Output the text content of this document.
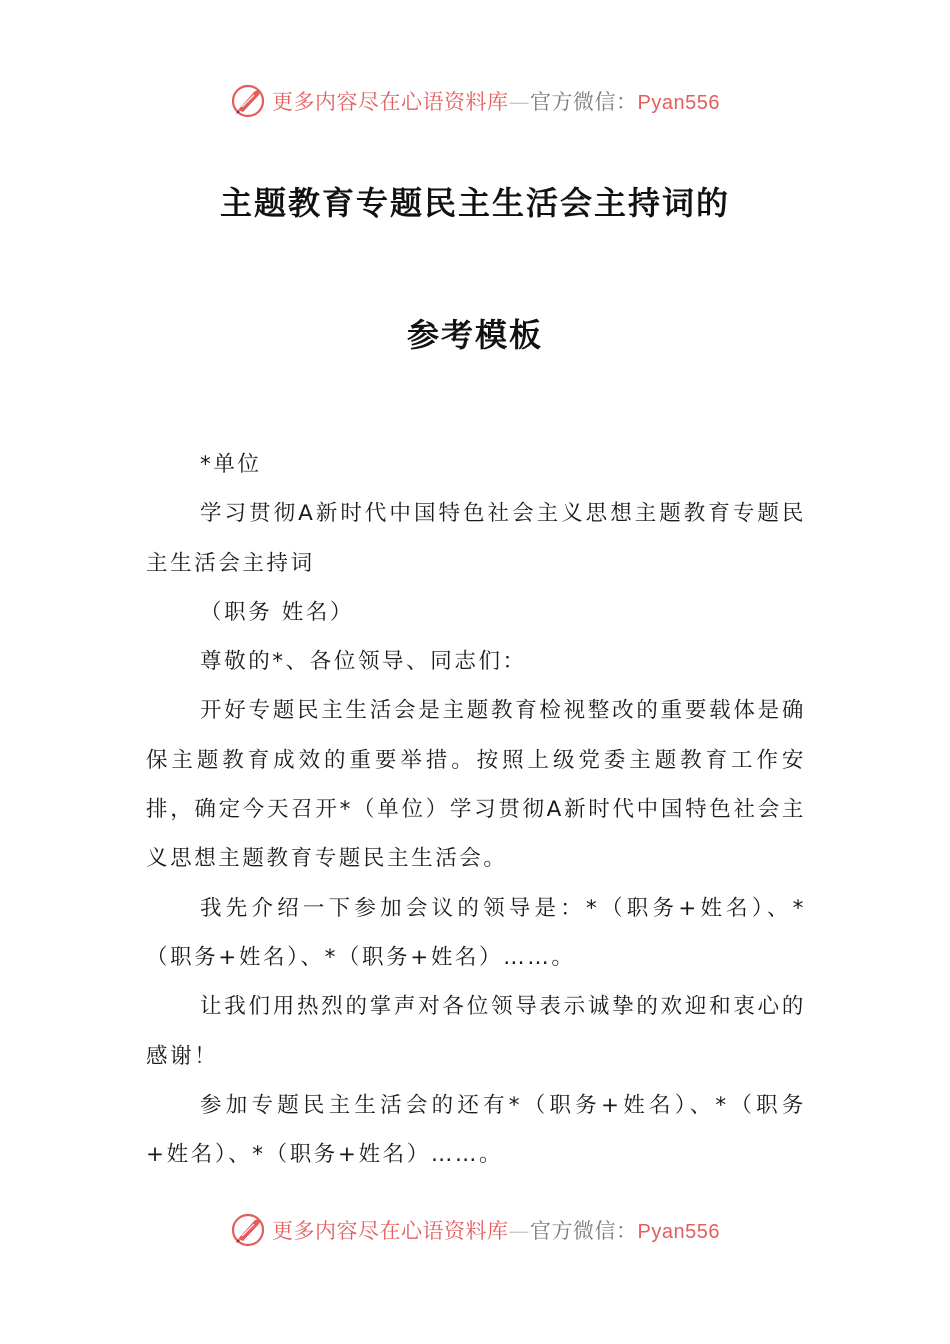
更多内容尽在心语资料库—官方微信：Pyan556
主题教育专题民主生活会主持词的
参考模板

*单位

学习贯彻A新时代中国特色社会主义思想主题教育专题民主生活会主持词

（职务 姓名）

尊敬的*、各位领导、同志们：

开好专题民主生活会是主题教育检视整改的重要载体是确保主题教育成效的重要举措。按照上级党委主题教育工作安排，确定今天召开*（单位）学习贯彻A新时代中国特色社会主义思想主题教育专题民主生活会。

我先介绍一下参加会议的领导是：*（职务+姓名）、*（职务+姓名）、*（职务+姓名）……。

让我们用热烈的掌声对各位领导表示诚挚的欢迎和衷心的感谢！

参加专题民主生活会的还有*（职务+姓名）、*（职务+姓名）、*（职务+姓名）……。

更多内容尽在心语资料库—官方微信：Pyan556
